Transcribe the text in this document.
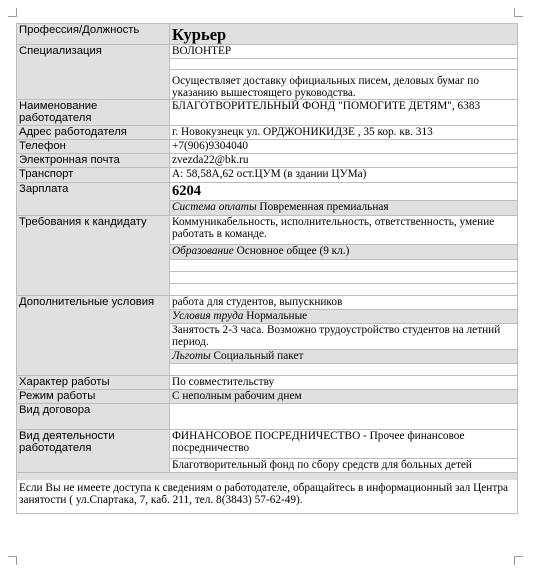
Профессия/Должность	Курьер
Специализация	ВОЛОНТЕР

	Осуществляет доставку официальных писем, деловых бумаг по указанию вышестоящего руководства.
Наименование работодателя	БЛАГОТВОРИТЕЛЬНЫЙ ФОНД "ПОМОГИТЕ ДЕТЯМ", 6383
Адрес работодателя	г. Новокузнецк ул. ОРДЖОНИКИДЗЕ , 35 кор. кв. 313
Телефон	+7(906)9304040
Электронная почта	zvezda22@bk.ru
Транспорт	А: 58,58А,62 ост.ЦУМ (в здании ЦУМа)
Зарплата	6204
	Система оплаты Повременная премиальная
Требования к кандидату	Коммуникабельность, исполнительность, ответственность, умение работать в команде.
	Образование Основное общее (9 кл.)

Дополнительные условия	работа для студентов, выпускников
	Условия труда Нормальные
	Занятость 2-3 часа. Возможно трудоустройство студентов на летний период.
	Льготы Социальный пакет

Характер работы	По совместительству
Режим работы	С неполным рабочим днем
Вид договора	
Вид деятельности работодателя	ФИНАНСОВОЕ ПОСРЕДНИЧЕСТВО - Прочее финансовое посредничество
	Благотворительный фонд по сбору средств для больных детей

Если Вы не имеете доступа к сведениям о работодателе, обращайтесь в информационный зал Центра занятости ( ул.Спартака, 7, каб. 211, тел. 8(3843) 57-62-49).	
